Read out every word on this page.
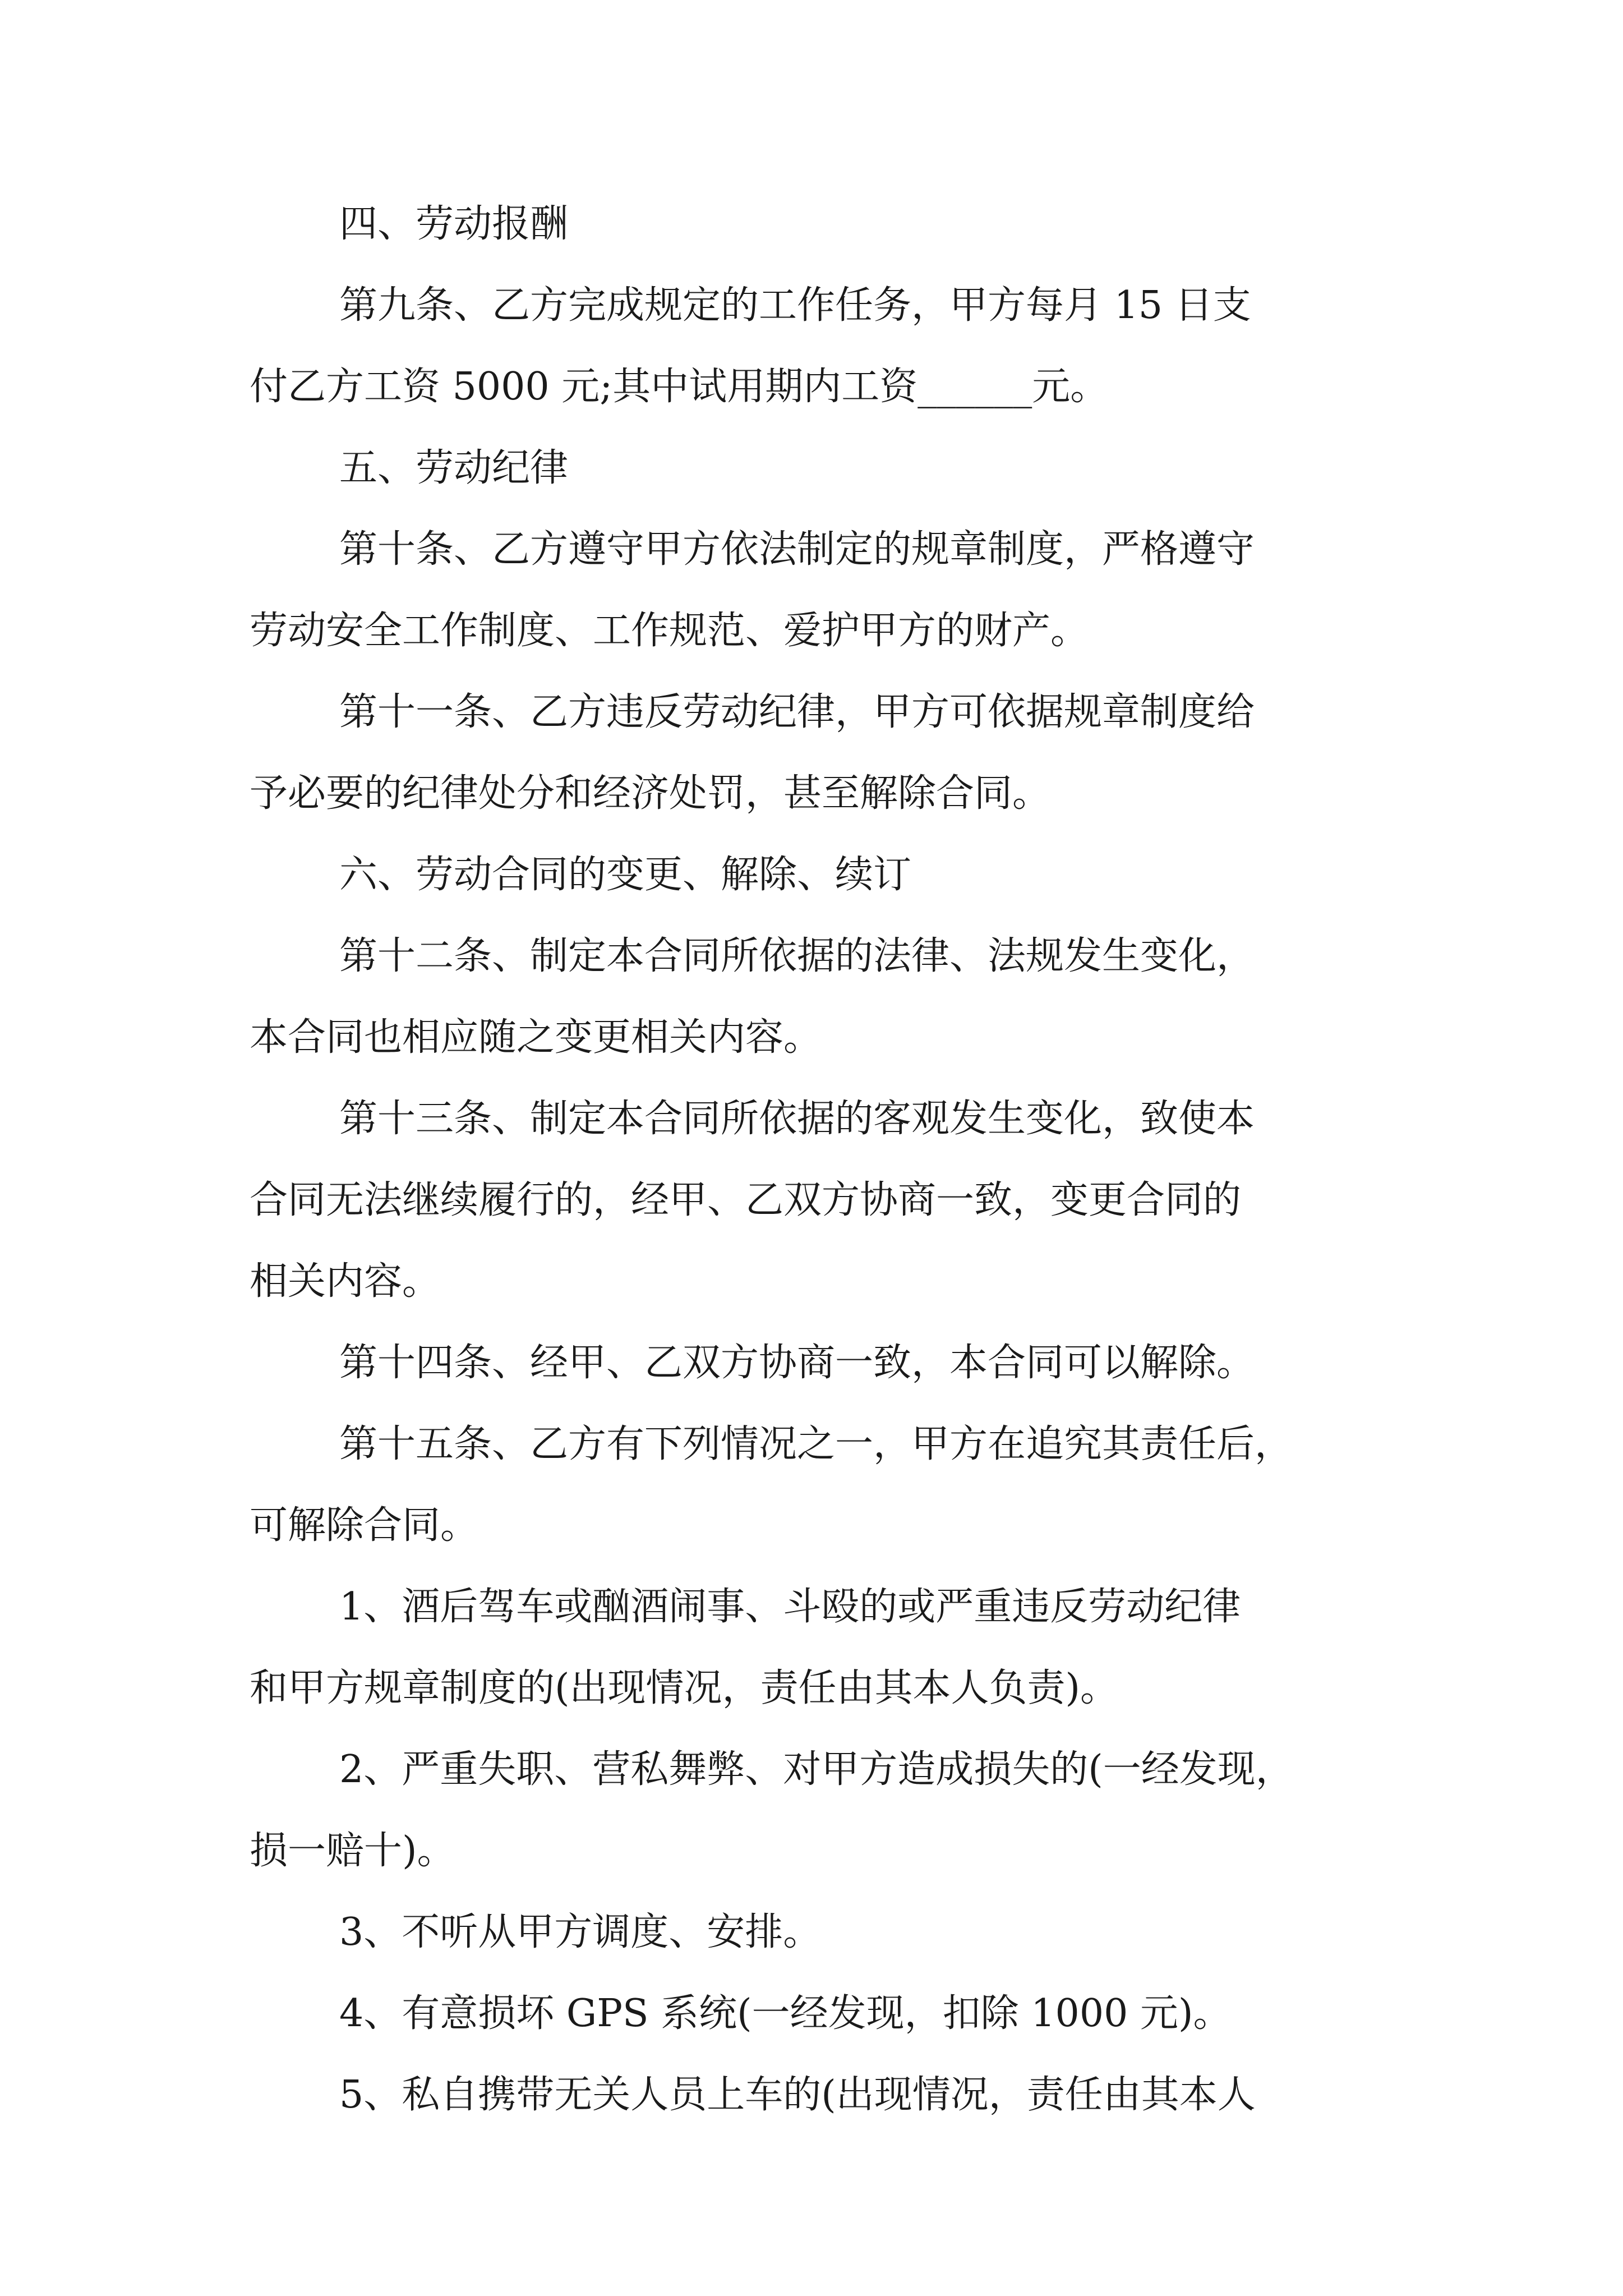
四、劳动报酬
第九条、乙方完成规定的工作任务，甲方每月 15 日支
付乙方工资 5000 元;其中试用期内工资______元。
五、劳动纪律
第十条、乙方遵守甲方依法制定的规章制度，严格遵守
劳动安全工作制度、工作规范、爱护甲方的财产。
第十一条、乙方违反劳动纪律，甲方可依据规章制度给
予必要的纪律处分和经济处罚，甚至解除合同。
六、劳动合同的变更、解除、续订
第十二条、制定本合同所依据的法律、法规发生变化，
本合同也相应随之变更相关内容。
第十三条、制定本合同所依据的客观发生变化，致使本
合同无法继续履行的，经甲、乙双方协商一致，变更合同的
相关内容。
第十四条、经甲、乙双方协商一致，本合同可以解除。
第十五条、乙方有下列情况之一，甲方在追究其责任后，
可解除合同。
1、酒后驾车或酗酒闹事、斗殴的或严重违反劳动纪律
和甲方规章制度的(出现情况，责任由其本人负责)。
2、严重失职、营私舞弊、对甲方造成损失的(一经发现，
损一赔十)。
3、不听从甲方调度、安排。
4、有意损坏 GPS 系统(一经发现，扣除 1000 元)。
5、私自携带无关人员上车的(出现情况，责任由其本人
